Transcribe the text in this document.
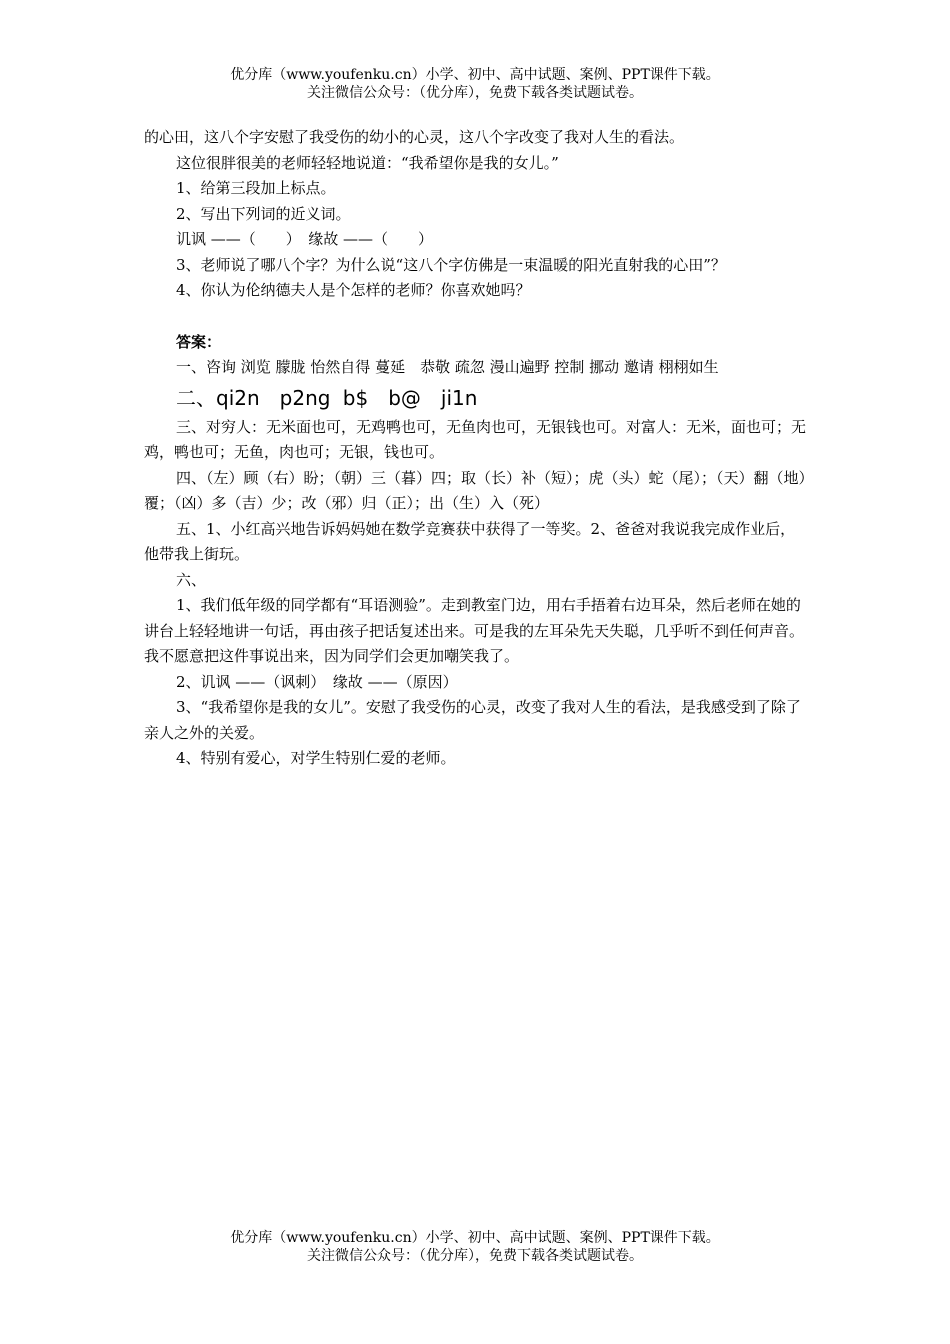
优分库（www.youfenku.cn）小学、初中、高中试题、案例、PPT课件下载。
关注微信公众号：（优分库），免费下载各类试题试卷。

的心田，这八个字安慰了我受伤的幼小的心灵，这八个字改变了我对人生的看法。

这位很胖很美的老师轻轻地说道：“我希望你是我的女儿。”

1、给第三段加上标点。

2、写出下列词的近义词。

讥讽 ——（　　）　缘故 ——（　　）

3、老师说了哪八个字？为什么说“这八个字仿佛是一束温暖的阳光直射我的心田”？

4、你认为伦纳德夫人是个怎样的老师？你喜欢她吗？

答案：

一、咨询 浏览 朦胧 怡然自得 蔓延　恭敬 疏忽 漫山遍野 控制 挪动 邀请 栩栩如生

二、qi2n　p2ng b$　b@　ji1n

三、对穷人：无米面也可，无鸡鸭也可，无鱼肉也可，无银钱也可。对富人：无米，面也可；无鸡，鸭也可；无鱼，肉也可；无银，钱也可。

四、（左）顾（右）盼；（朝）三（暮）四；取（长）补（短）；虎（头）蛇（尾）；（天）翻（地）覆；（凶）多（吉）少；改（邪）归（正）；出（生）入（死）

五、1、小红高兴地告诉妈妈她在数学竞赛获中获得了一等奖。2、爸爸对我说我完成作业后，他带我上街玩。

六、

1、我们低年级的同学都有“耳语测验”。走到教室门边，用右手捂着右边耳朵，然后老师在她的讲台上轻轻地讲一句话，再由孩子把话复述出来。可是我的左耳朵先天失聪，几乎听不到任何声音。我不愿意把这件事说出来，因为同学们会更加嘲笑我了。

2、讥讽 ——（讽刺）　缘故 ——（原因）

3、“我希望你是我的女儿”。安慰了我受伤的心灵，改变了我对人生的看法，是我感受到了除了亲人之外的关爱。

4、特别有爱心，对学生特别仁爱的老师。

优分库（www.youfenku.cn）小学、初中、高中试题、案例、PPT课件下载。
关注微信公众号：（优分库），免费下载各类试题试卷。
